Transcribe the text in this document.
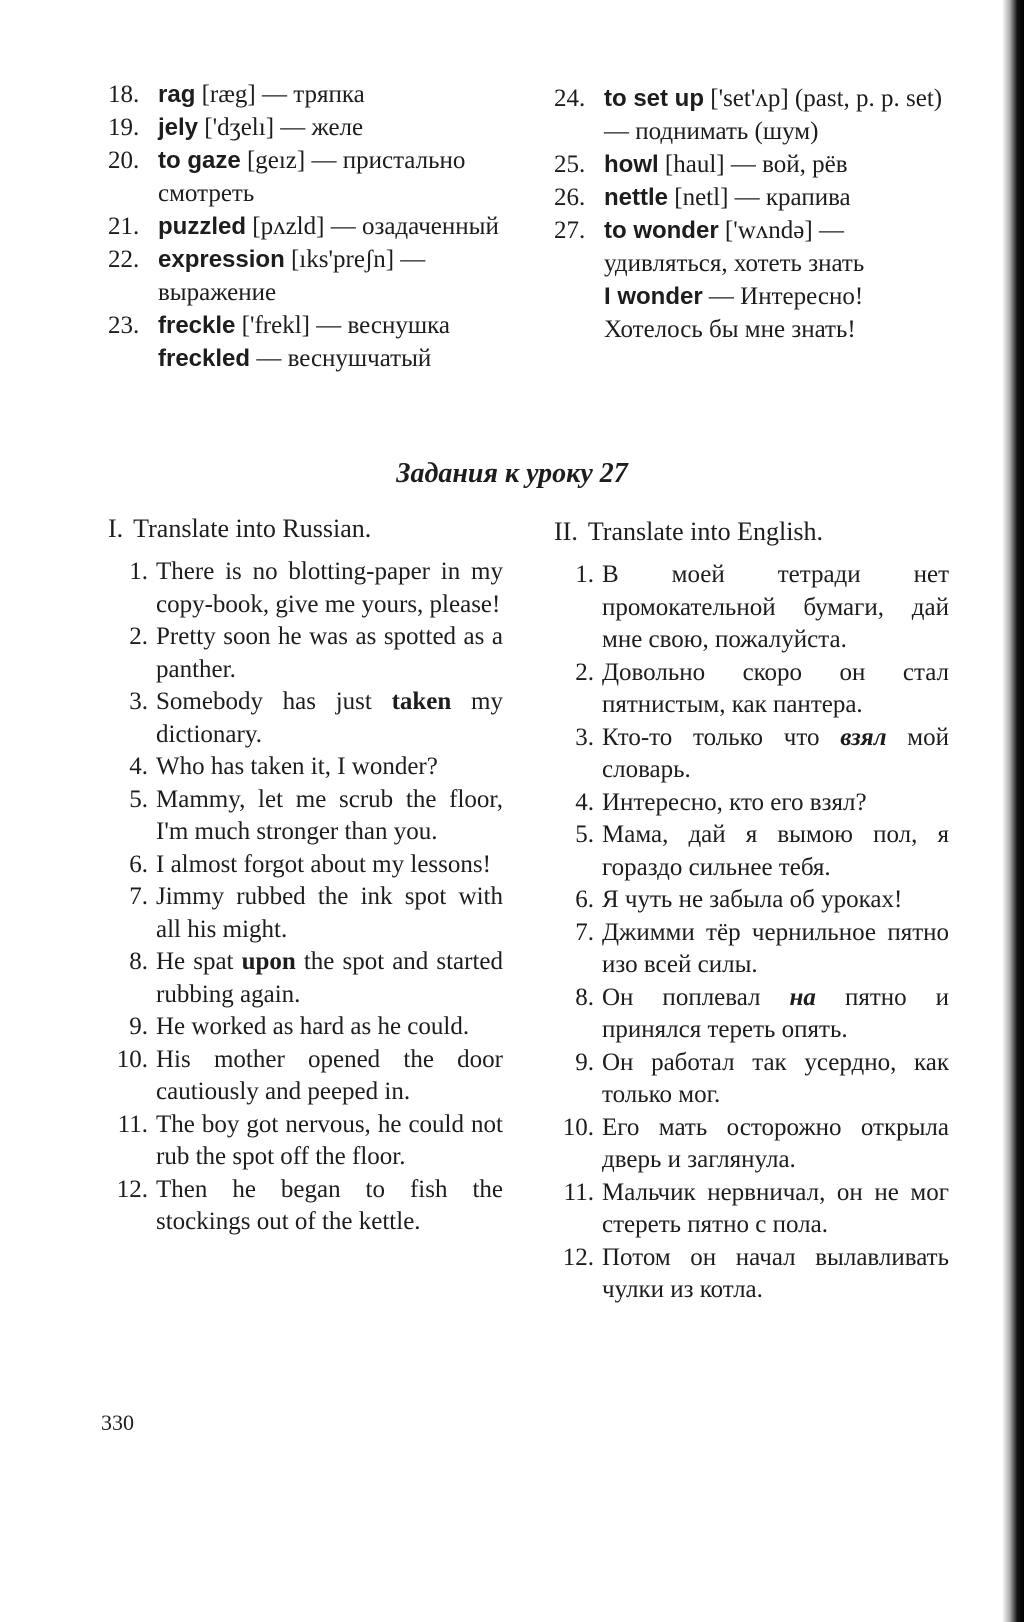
18. rag [ræg] — тряпка
19. jely ['dʒelı] — желе
20. to gaze [geız] — пристально смотреть
21. puzzled [pʌzld] — озадаченный
22. expression [ıks'preʃn] — выражение
23. freckle ['frekl] — веснушка
freckled — веснушчатый
24. to set up ['set'ʌp] (past, p. p. set) — поднимать (шум)
25. howl [haul] — вой, рёв
26. nettle [netl] — крапива
27. to wonder ['wʌndə] — удивляться, хотеть знать
I wonder — Интересно! Хотелось бы мне знать!
Задания к уроку 27
I. Translate into Russian.
1. There is no blotting-paper in my copy-book, give me yours, please!
2. Pretty soon he was as spotted as a panther.
3. Somebody has just taken my dictionary.
4. Who has taken it, I wonder?
5. Mammy, let me scrub the floor, I'm much stronger than you.
6. I almost forgot about my lessons!
7. Jimmy rubbed the ink spot with all his might.
8. He spat upon the spot and started rubbing again.
9. He worked as hard as he could.
10. His mother opened the door cautiously and peeped in.
11. The boy got nervous, he could not rub the spot off the floor.
12. Then he began to fish the stockings out of the kettle.
II. Translate into English.
1. В моей тетради нет промокательной бумаги, дай мне свою, пожалуйста.
2. Довольно скоро он стал пятнистым, как пантера.
3. Кто-то только что взял мой словарь.
4. Интересно, кто его взял?
5. Мама, дай я вымою пол, я гораздо сильнее тебя.
6. Я чуть не забыла об уроках!
7. Джимми тёр чернильное пятно изо всей силы.
8. Он поплевал на пятно и принялся тереть опять.
9. Он работал так усердно, как только мог.
10. Его мать осторожно открыла дверь и заглянула.
11. Мальчик нервничал, он не мог стереть пятно с пола.
12. Потом он начал вылавливать чулки из котла.
330
